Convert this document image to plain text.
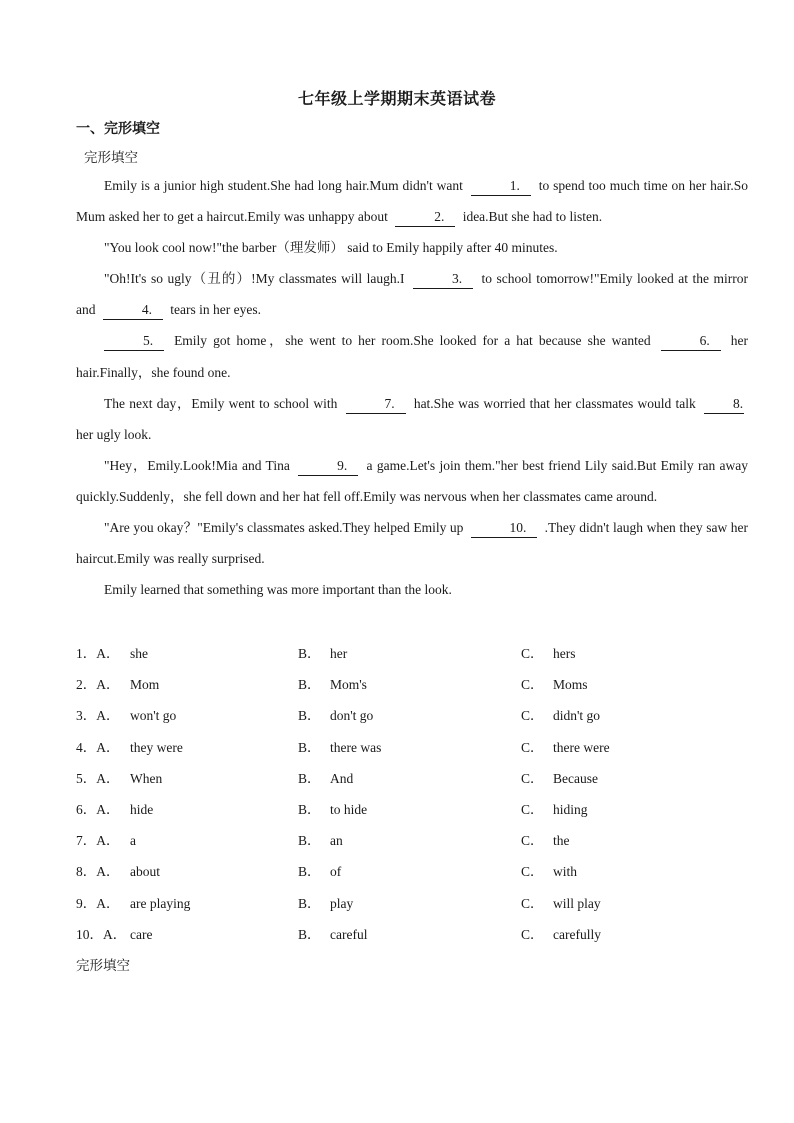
七年级上学期期末英语试卷
一、完形填空
完形填空

Emily is a junior high student.She had long hair.Mum didn't want	1. to spend too much time on her hair.So Mum asked her to get a haircut.Emily was unhappy about	2. idea.But she had to listen.

"You look cool now!"the barber（理发师） said to Emily happily after 40 minutes.

"Oh!It's so ugly（丑的）!My classmates will laugh.I	3. to school tomorrow!"Emily looked at the mirror and	4. tears in her eyes.

5. Emily got home，she went to her room.She looked for a hat because she wanted	6. her hair.Finally，she found one.

The next day，Emily went to school with	7. hat.She was worried that her classmates would talk	8. her ugly look.

"Hey，Emily.Look!Mia and Tina	9. a game.Let's join them."her best friend Lily said.But Emily ran away quickly.Suddenly，she fell down and her hat fell off.Emily was nervous when her classmates came around.

"Are you okay？"Emily's classmates asked.They helped Emily up	10. .They didn't laugh when they saw her haircut.Emily was really surprised.

Emily learned that something was more important than the look.

1．A． she	B． her	C． hers
2．A． Mom	B． Mom's	C． Moms
3．A． won't go	B． don't go	C． didn't go
4．A． they were	B． there was	C． there were
5．A． When	B． And	C． Because
6．A． hide	B． to hide	C． hiding
7．A． a	B． an	C． the
8．A． about	B． of	C． with
9．A． are playing	B． play	C． will play
10．A． care	B． careful	C． carefully
完形填空
